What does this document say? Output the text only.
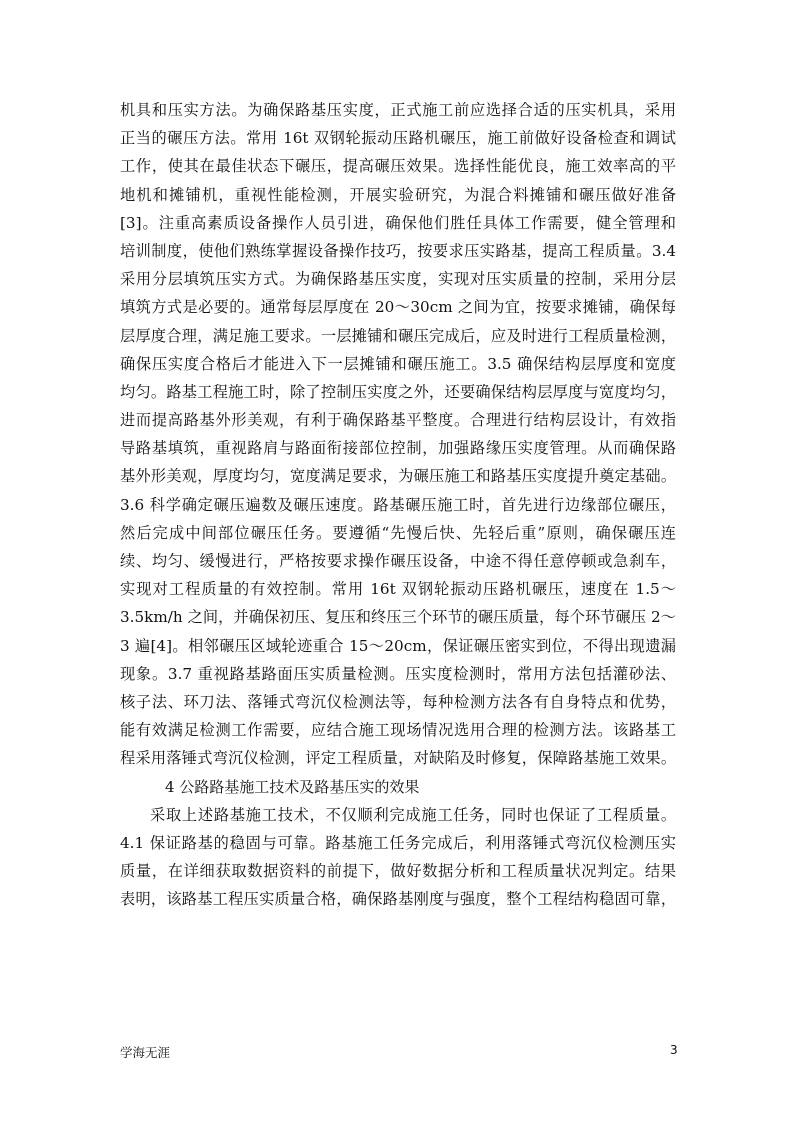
机具和压实方法。为确保路基压实度，正式施工前应选择合适的压实机具，采用
正当的碾压方法。常用 16t 双钢轮振动压路机碾压，施工前做好设备检查和调试
工作，使其在最佳状态下碾压，提高碾压效果。选择性能优良，施工效率高的平
地机和摊铺机，重视性能检测，开展实验研究，为混合料摊铺和碾压做好准备
[3]。注重高素质设备操作人员引进，确保他们胜任具体工作需要，健全管理和
培训制度，使他们熟练掌握设备操作技巧，按要求压实路基，提高工程质量。3.4
采用分层填筑压实方式。为确保路基压实度，实现对压实质量的控制，采用分层
填筑方式是必要的。通常每层厚度在 20～30cm 之间为宜，按要求摊铺，确保每
层厚度合理，满足施工要求。一层摊铺和碾压完成后，应及时进行工程质量检测，
确保压实度合格后才能进入下一层摊铺和碾压施工。3.5 确保结构层厚度和宽度
均匀。路基工程施工时，除了控制压实度之外，还要确保结构层厚度与宽度均匀，
进而提高路基外形美观，有利于确保路基平整度。合理进行结构层设计，有效指
导路基填筑，重视路肩与路面衔接部位控制，加强路缘压实度管理。从而确保路
基外形美观，厚度均匀，宽度满足要求，为碾压施工和路基压实度提升奠定基础。
3.6 科学确定碾压遍数及碾压速度。路基碾压施工时，首先进行边缘部位碾压，
然后完成中间部位碾压任务。要遵循“先慢后快、先轻后重”原则，确保碾压连
续、均匀、缓慢进行，严格按要求操作碾压设备，中途不得任意停顿或急刹车，
实现对工程质量的有效控制。常用 16t 双钢轮振动压路机碾压，速度在 1.5～
3.5km/h 之间，并确保初压、复压和终压三个环节的碾压质量，每个环节碾压 2～
3 遍[4]。相邻碾压区域轮迹重合 15～20cm，保证碾压密实到位，不得出现遗漏
现象。3.7 重视路基路面压实质量检测。压实度检测时，常用方法包括灌砂法、
核子法、环刀法、落锤式弯沉仪检测法等，每种检测方法各有自身特点和优势，
能有效满足检测工作需要，应结合施工现场情况选用合理的检测方法。该路基工
程采用落锤式弯沉仪检测，评定工程质量，对缺陷及时修复，保障路基施工效果。
4 公路路基施工技术及路基压实的效果
采取上述路基施工技术，不仅顺利完成施工任务，同时也保证了工程质量。
4.1 保证路基的稳固与可靠。路基施工任务完成后，利用落锤式弯沉仪检测压实
质量，在详细获取数据资料的前提下，做好数据分析和工程质量状况判定。结果
表明，该路基工程压实质量合格，确保路基刚度与强度，整个工程结构稳固可靠，
学海无涯	3
